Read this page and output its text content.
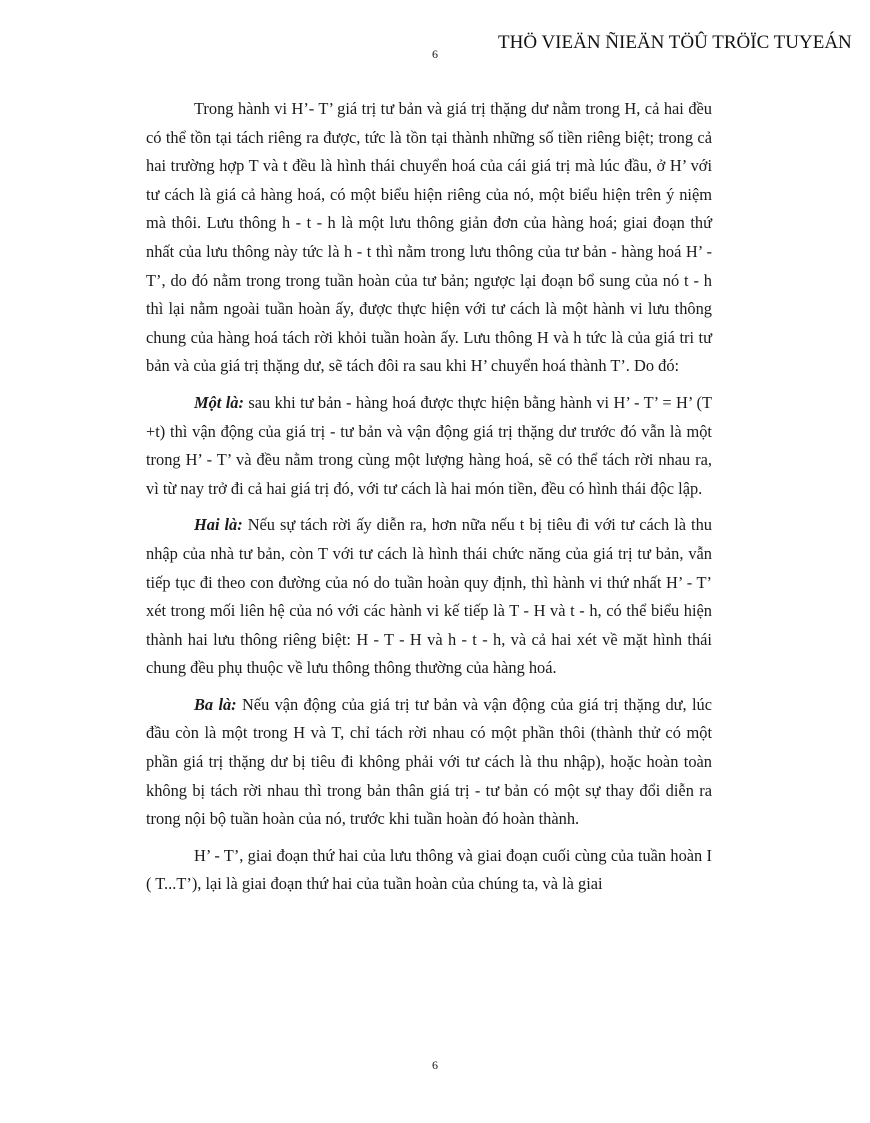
THÖ VIEÄN ÑIEÄN TÖÛ TRÖÏC TUYEÁN
6

Trong hành vi H’- T’ giá trị tư bản và giá trị thặng dư nằm trong H, cả hai đều có thể tồn tại tách riêng ra được, tức là tồn tại thành những số tiền riêng biệt; trong cả hai trường hợp T và t đều là hình thái chuyển hoá của cái giá trị mà lúc đầu, ở H’ với tư cách là giá cả hàng hoá, có một biểu hiện riêng của nó, một biểu hiện trên ý niệm mà thôi. Lưu thông h - t - h là một lưu thông giản đơn của hàng hoá; giai đoạn thứ nhất của lưu thông này tức là h - t thì nằm trong lưu thông của tư bản - hàng hoá H’ - T’, do đó nằm trong trong tuần hoàn của tư bản; ngược lại đoạn bổ sung của nó t - h thì lại nằm ngoài tuần hoàn ấy, được thực hiện với tư cách là một hành vi lưu thông chung của hàng hoá tách rời khỏi tuần hoàn ấy. Lưu thông H và h tức là của giá tri tư bản và của giá trị thặng dư, sẽ tách đôi ra sau khi H’ chuyển hoá thành T’. Do đó:

Một là: sau khi tư bản - hàng hoá được thực hiện bằng hành vi H’ - T’ = H’ (T +t) thì vận động của giá trị - tư bản và vận động giá trị thặng dư trước đó vẫn là một trong H’ - T’ và đều nằm trong cùng một lượng hàng hoá, sẽ có thể tách rời nhau ra, vì từ nay trở đi cả hai giá trị đó, với tư cách là hai món tiền, đều có hình thái độc lập.

Hai là: Nếu sự tách rời ấy diễn ra, hơn nữa nếu t bị tiêu đi với tư cách là thu nhập của nhà tư bản, còn T với tư cách là hình thái chức năng của giá trị tư bản, vẫn tiếp tục đi theo con đường của nó do tuần hoàn quy định, thì hành vi thứ nhất H’ - T’ xét trong mối liên hệ của nó với các hành vi kế tiếp là T - H và t - h, có thể biểu hiện thành hai lưu thông riêng biệt: H - T - H và h - t - h, và cả hai xét về mặt hình thái chung đều phụ thuộc về lưu thông thông thường của hàng hoá.

Ba là: Nếu vận động của giá trị tư bản và vận động của giá trị thặng dư, lúc đầu còn là một trong H và T, chỉ tách rời nhau có một phần thôi (thành thử có một phần giá trị thặng dư bị tiêu đi không phải với tư cách là thu nhập), hoặc hoàn toàn không bị tách rời nhau thì trong bản thân giá trị - tư bản có một sự thay đổi diễn ra trong nội bộ tuần hoàn của nó, trước khi tuần hoàn đó hoàn thành.

H’ - T’, giai đoạn thứ hai của lưu thông và giai đoạn cuối cùng của tuần hoàn I ( T...T’), lại là giai đoạn thứ hai của tuần hoàn của chúng ta, và là giai

6
